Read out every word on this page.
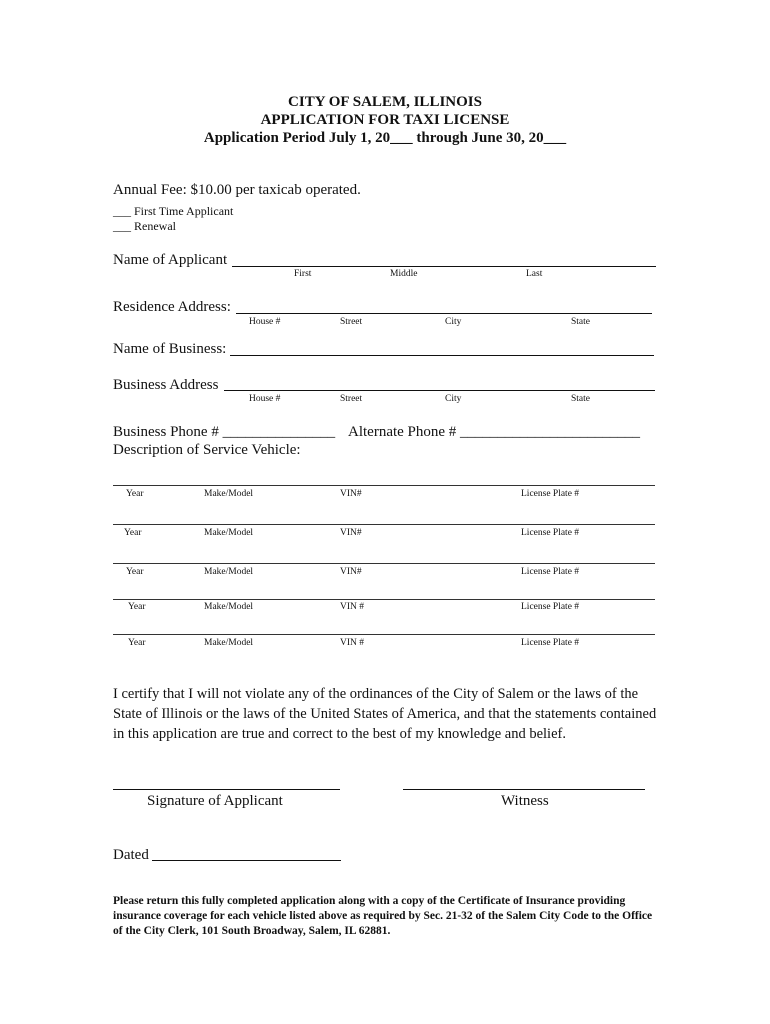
CITY OF SALEM, ILLINOIS
APPLICATION FOR TAXI LICENSE
Application Period July 1, 20___ through June 30, 20___
Annual Fee: $10.00 per taxicab operated.
___ First Time Applicant
___ Renewal
Name of Applicant
First	Middle	Last
Residence Address:
House #	Street	City	State
Name of Business:
Business Address
House #	Street	City	State
Business Phone # _______________ Alternate Phone # ________________________
Description of Service Vehicle:
Year	Make/Model	VIN#	License Plate #
Year	Make/Model	VIN#	License Plate #
Year	Make/Model	VIN#	License Plate #
Year	Make/Model	VIN #	License Plate #
Year	Make/Model	VIN #	License Plate #
I certify that I will not violate any of the ordinances of the City of Salem or the laws of the State of Illinois or the laws of the United States of America, and that the statements contained in this application are true and correct to the best of my knowledge and belief.
Signature of Applicant	Witness
Dated
Please return this fully completed application along with a copy of the Certificate of Insurance providing insurance coverage for each vehicle listed above as required by Sec. 21-32 of the Salem City Code to the Office of the City Clerk, 101 South Broadway, Salem, IL 62881.
